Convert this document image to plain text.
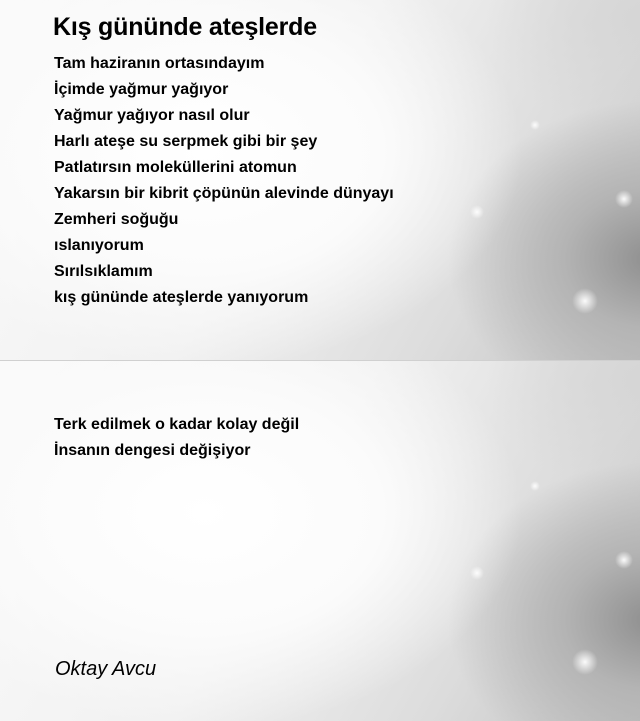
Kış gününde ateşlerde
Tam haziranın ortasındayım
İçimde yağmur yağıyor
Yağmur yağıyor nasıl olur
Harlı ateşe su serpmek gibi bir şey
Patlatırsın moleküllerini atomun
Yakarsın bir kibrit çöpünün alevinde dünyayı
Zemheri soğuğu
ıslanıyorum
Sırılsıklamım
kış gününde ateşlerde yanıyorum
Terk edilmek o kadar kolay değil
İnsanın dengesi değişiyor
Oktay Avcu
